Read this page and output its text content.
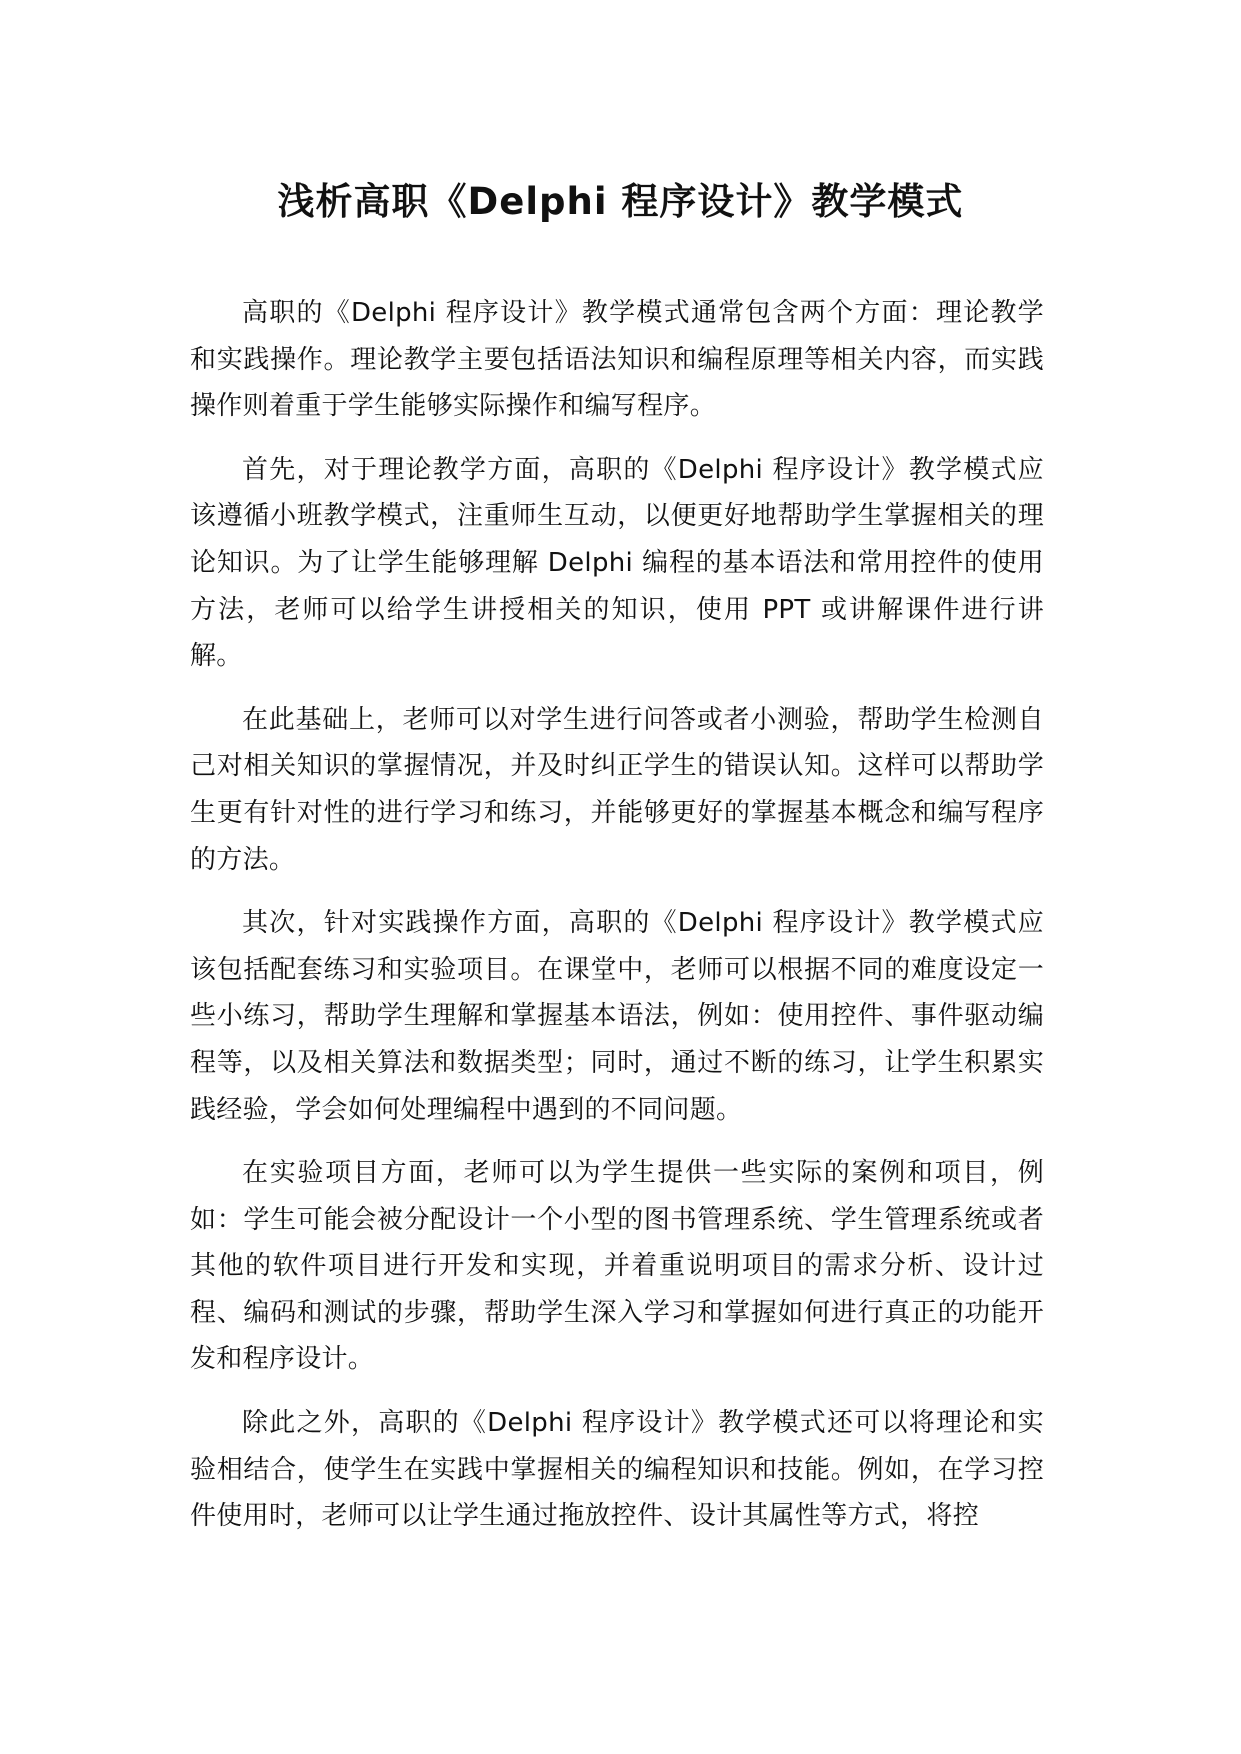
浅析高职《Delphi 程序设计》教学模式

高职的《Delphi 程序设计》教学模式通常包含两个方面：理论教学和实践操作。理论教学主要包括语法知识和编程原理等相关内容，而实践操作则着重于学生能够实际操作和编写程序。

首先，对于理论教学方面，高职的《Delphi 程序设计》教学模式应该遵循小班教学模式，注重师生互动，以便更好地帮助学生掌握相关的理论知识。为了让学生能够理解 Delphi 编程的基本语法和常用控件的使用方法，老师可以给学生讲授相关的知识，使用 PPT 或讲解课件进行讲解。

在此基础上，老师可以对学生进行问答或者小测验，帮助学生检测自己对相关知识的掌握情况，并及时纠正学生的错误认知。这样可以帮助学生更有针对性的进行学习和练习，并能够更好的掌握基本概念和编写程序的方法。

其次，针对实践操作方面，高职的《Delphi 程序设计》教学模式应该包括配套练习和实验项目。在课堂中，老师可以根据不同的难度设定一些小练习，帮助学生理解和掌握基本语法，例如：使用控件、事件驱动编程等，以及相关算法和数据类型；同时，通过不断的练习，让学生积累实践经验，学会如何处理编程中遇到的不同问题。

在实验项目方面，老师可以为学生提供一些实际的案例和项目，例如：学生可能会被分配设计一个小型的图书管理系统、学生管理系统或者其他的软件项目进行开发和实现，并着重说明项目的需求分析、设计过程、编码和测试的步骤，帮助学生深入学习和掌握如何进行真正的功能开发和程序设计。

除此之外，高职的《Delphi 程序设计》教学模式还可以将理论和实验相结合，使学生在实践中掌握相关的编程知识和技能。例如，在学习控件使用时，老师可以让学生通过拖放控件、设计其属性等方式，将控
